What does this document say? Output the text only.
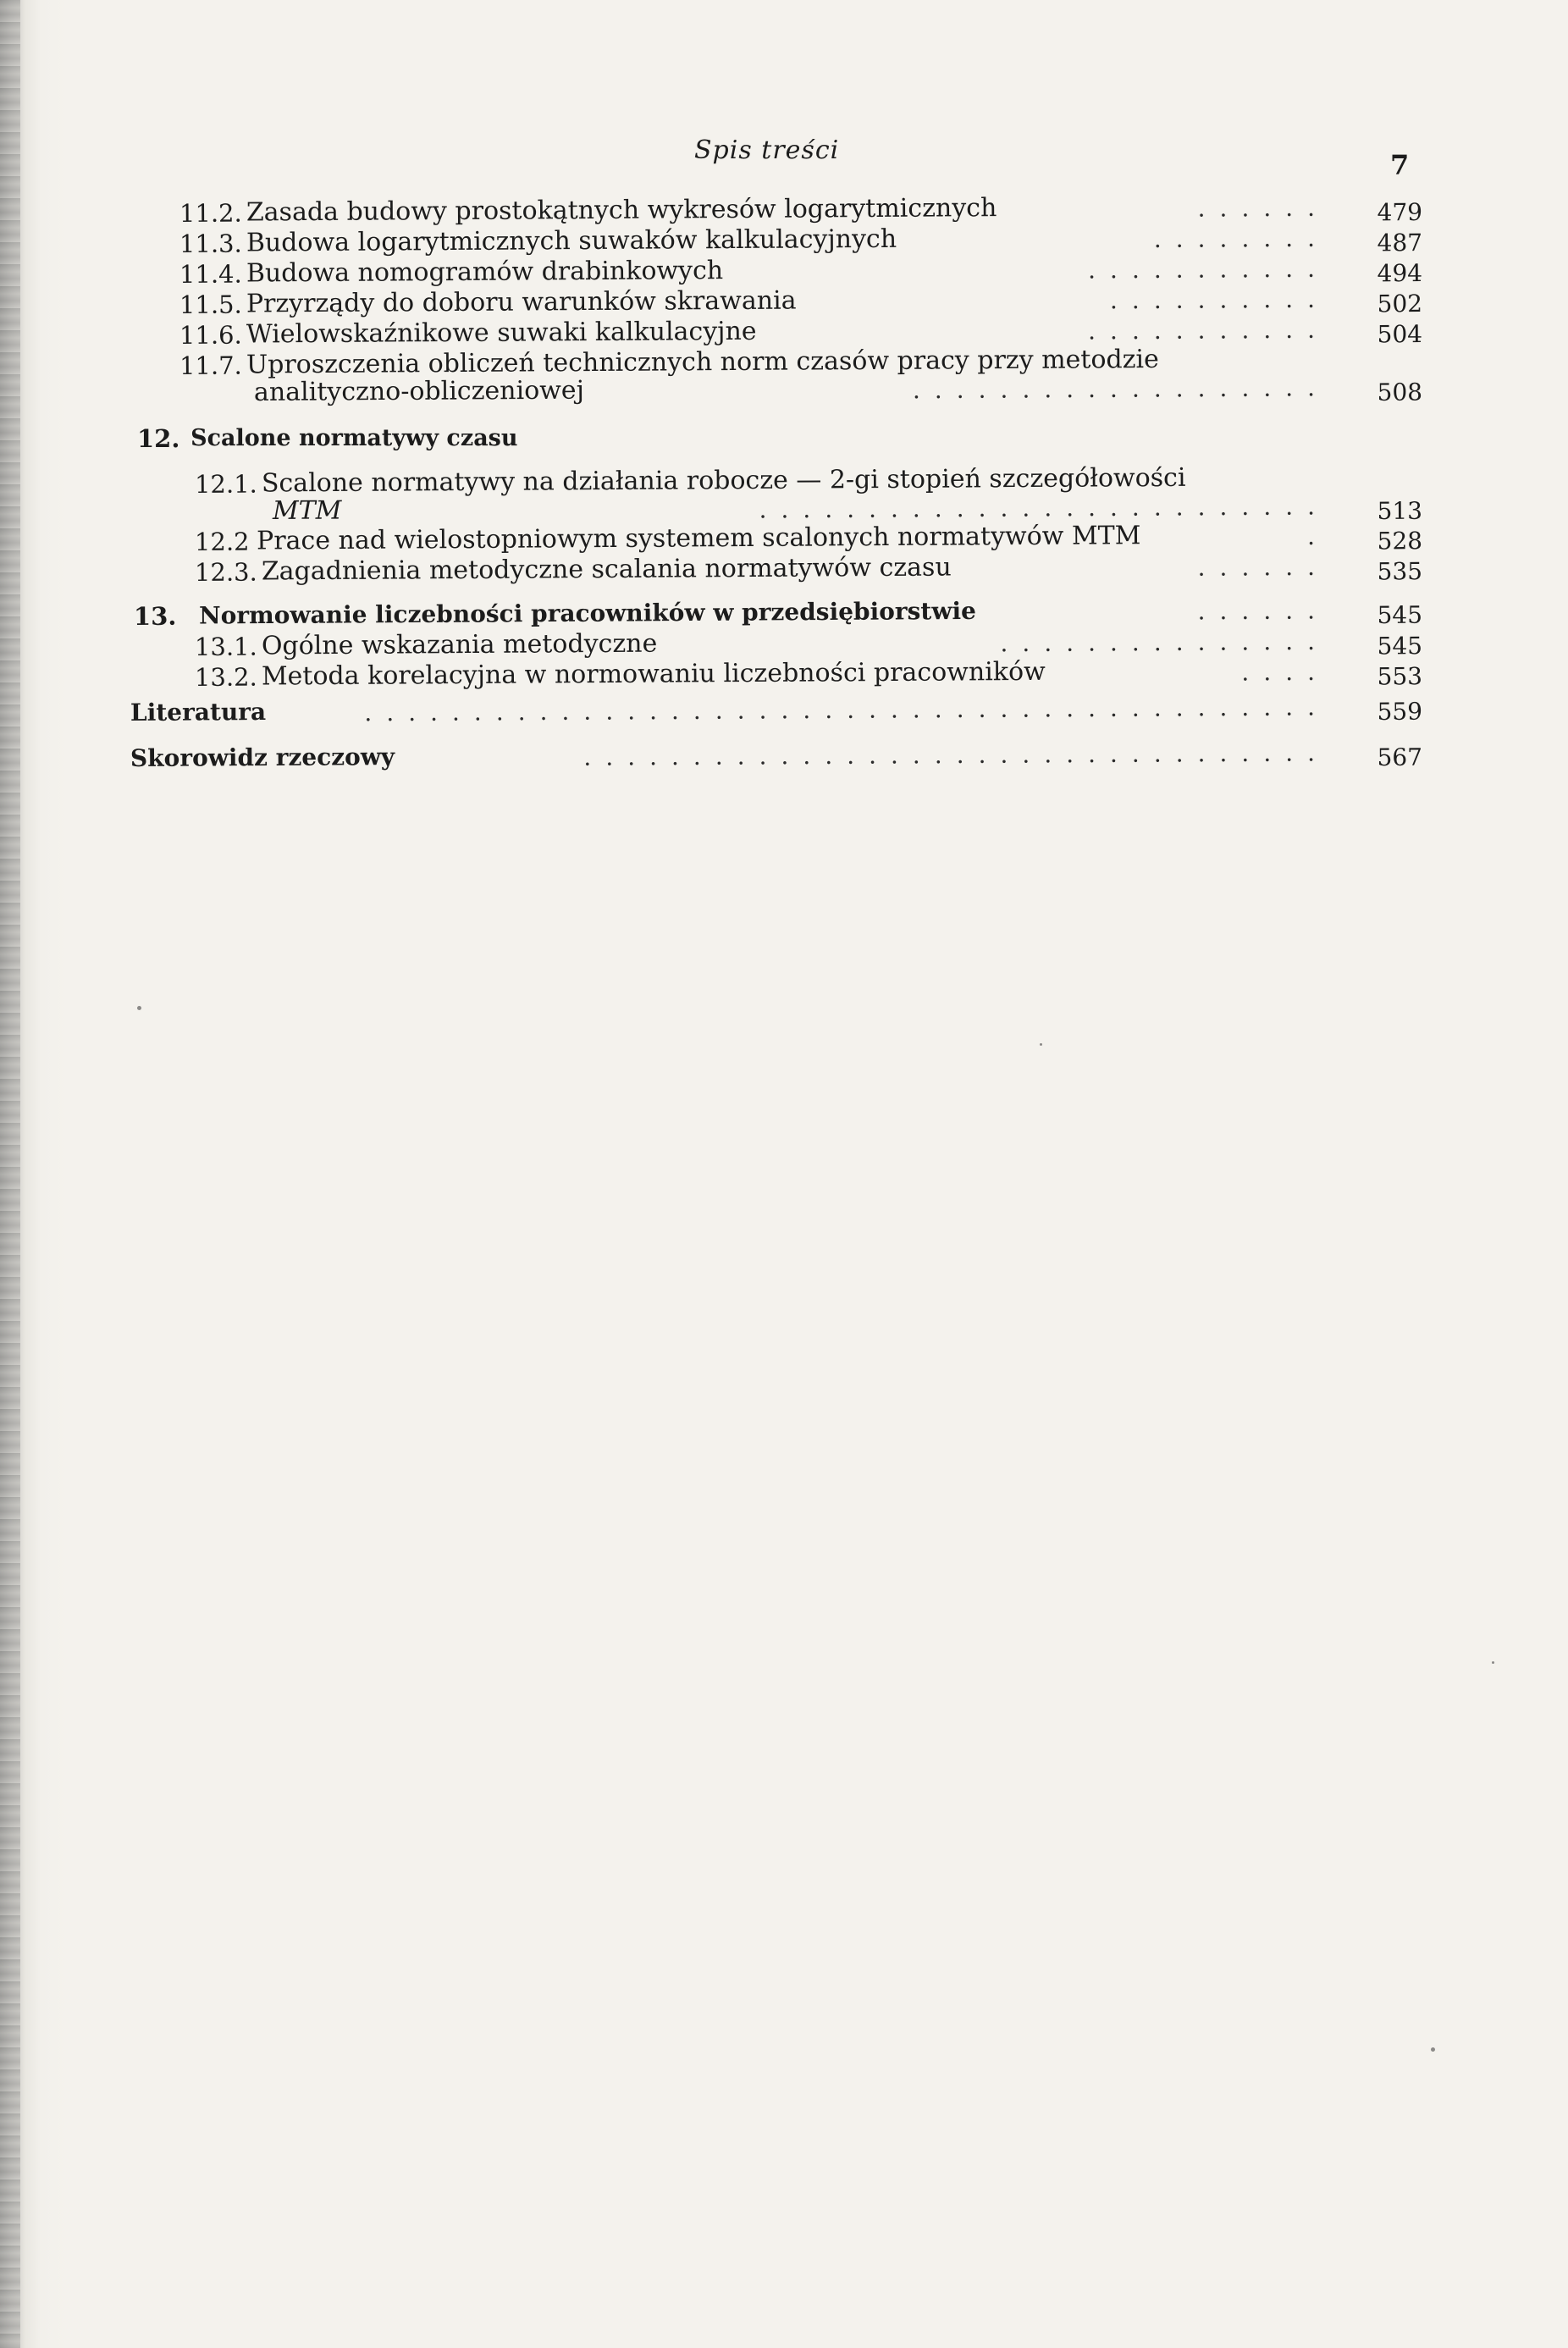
Spis treści	7
11.2. Zasada budowy prostokątnych wykresów logarytmicznych	......	479
11.3. Budowa logarytmicznych suwaków kalkulacyjnych	........	487
11.4. Budowa nomogramów drabinkowych	...........	494
11.5. Przyrządy do doboru warunków skrawania	..........	502
11.6. Wielowskaźnikowe suwaki kalkulacyjne	...........	504
11.7. Uproszczenia obliczeń technicznych norm czasów pracy przy metodzie
analityczno-obliczeniowej	...................	508
12. Scalone normatywy czasu
12.1. Scalone normatywy na działania robocze — 2-gi stopień szczegółowości
MTM	..........................	513
12.2 Prace nad wielostopniowym systemem scalonych normatywów MTM	.	528
12.3. Zagadnienia metodyczne scalania normatywów czasu	......	535
13. Normowanie liczebności pracowników w przedsiębiorstwie	......	545
13.1. Ogólne wskazania metodyczne	...............	545
13.2. Metoda korelacyjna w normowaniu liczebności pracowników	....	553
Literatura	............................................	559
Skorowidz rzeczowy	..................................	567
